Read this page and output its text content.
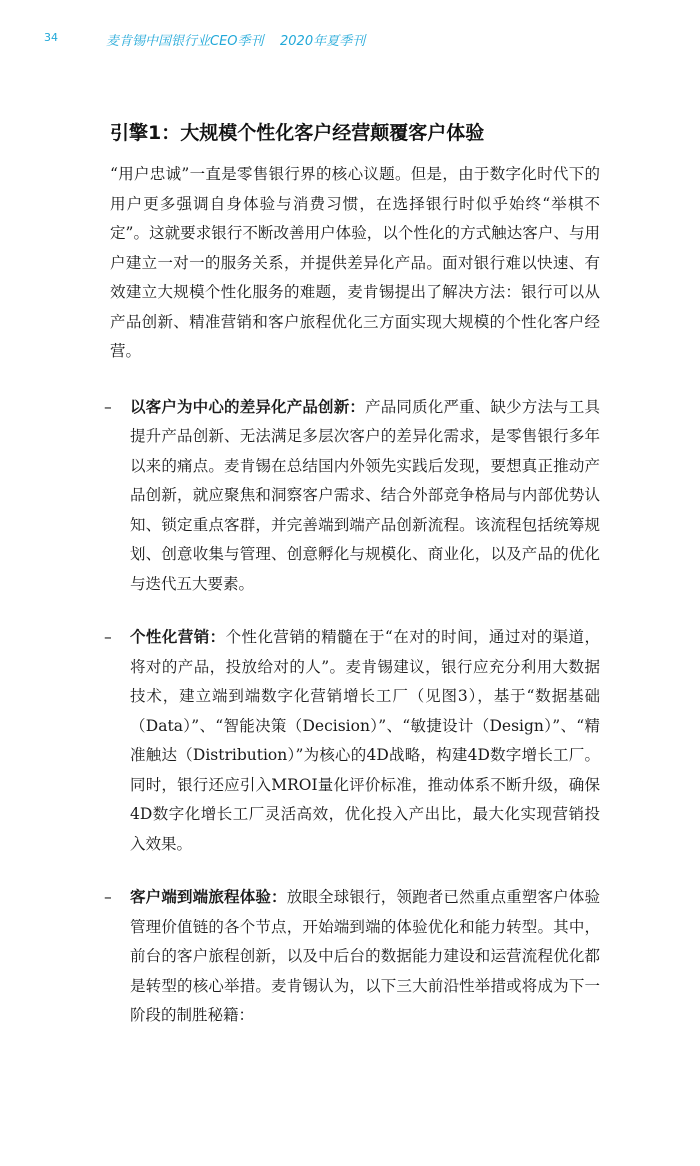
34	麦肯锡中国银行业CEO季刊 2020年夏季刊
引擎1：大规模个性化客户经营颠覆客户体验

“用户忠诚”一直是零售银行界的核心议题。但是，由于数字化时代下的用户更多强调自身体验与消费习惯，在选择银行时似乎始终“举棋不定”。这就要求银行不断改善用户体验，以个性化的方式触达客户、与用户建立一对一的服务关系，并提供差异化产品。面对银行难以快速、有效建立大规模个性化服务的难题，麦肯锡提出了解决方法：银行可以从产品创新、精准营销和客户旅程优化三方面实现大规模的个性化客户经营。

– 以客户为中心的差异化产品创新：产品同质化严重、缺少方法与工具提升产品创新、无法满足多层次客户的差异化需求，是零售银行多年以来的痛点。麦肯锡在总结国内外领先实践后发现，要想真正推动产品创新，就应聚焦和洞察客户需求、结合外部竞争格局与内部优势认知、锁定重点客群，并完善端到端产品创新流程。该流程包括统筹规划、创意收集与管理、创意孵化与规模化、商业化，以及产品的优化与迭代五大要素。
– 个性化营销：个性化营销的精髓在于“在对的时间，通过对的渠道，将对的产品，投放给对的人”。麦肯锡建议，银行应充分利用大数据技术，建立端到端数字化营销增长工厂（见图3），基于“数据基础（Data）”、“智能决策（Decision）”、“敏捷设计（Design）”、“精准触达（Distribution）”为核心的4D战略，构建4D数字增长工厂。同时，银行还应引入MROI量化评价标准，推动体系不断升级，确保4D数字化增长工厂灵活高效，优化投入产出比，最大化实现营销投入效果。
– 客户端到端旅程体验：放眼全球银行，领跑者已然重点重塑客户体验管理价值链的各个节点，开始端到端的体验优化和能力转型。其中，前台的客户旅程创新，以及中后台的数据能力建设和运营流程优化都是转型的核心举措。麦肯锡认为，以下三大前沿性举措或将成为下一阶段的制胜秘籍：
